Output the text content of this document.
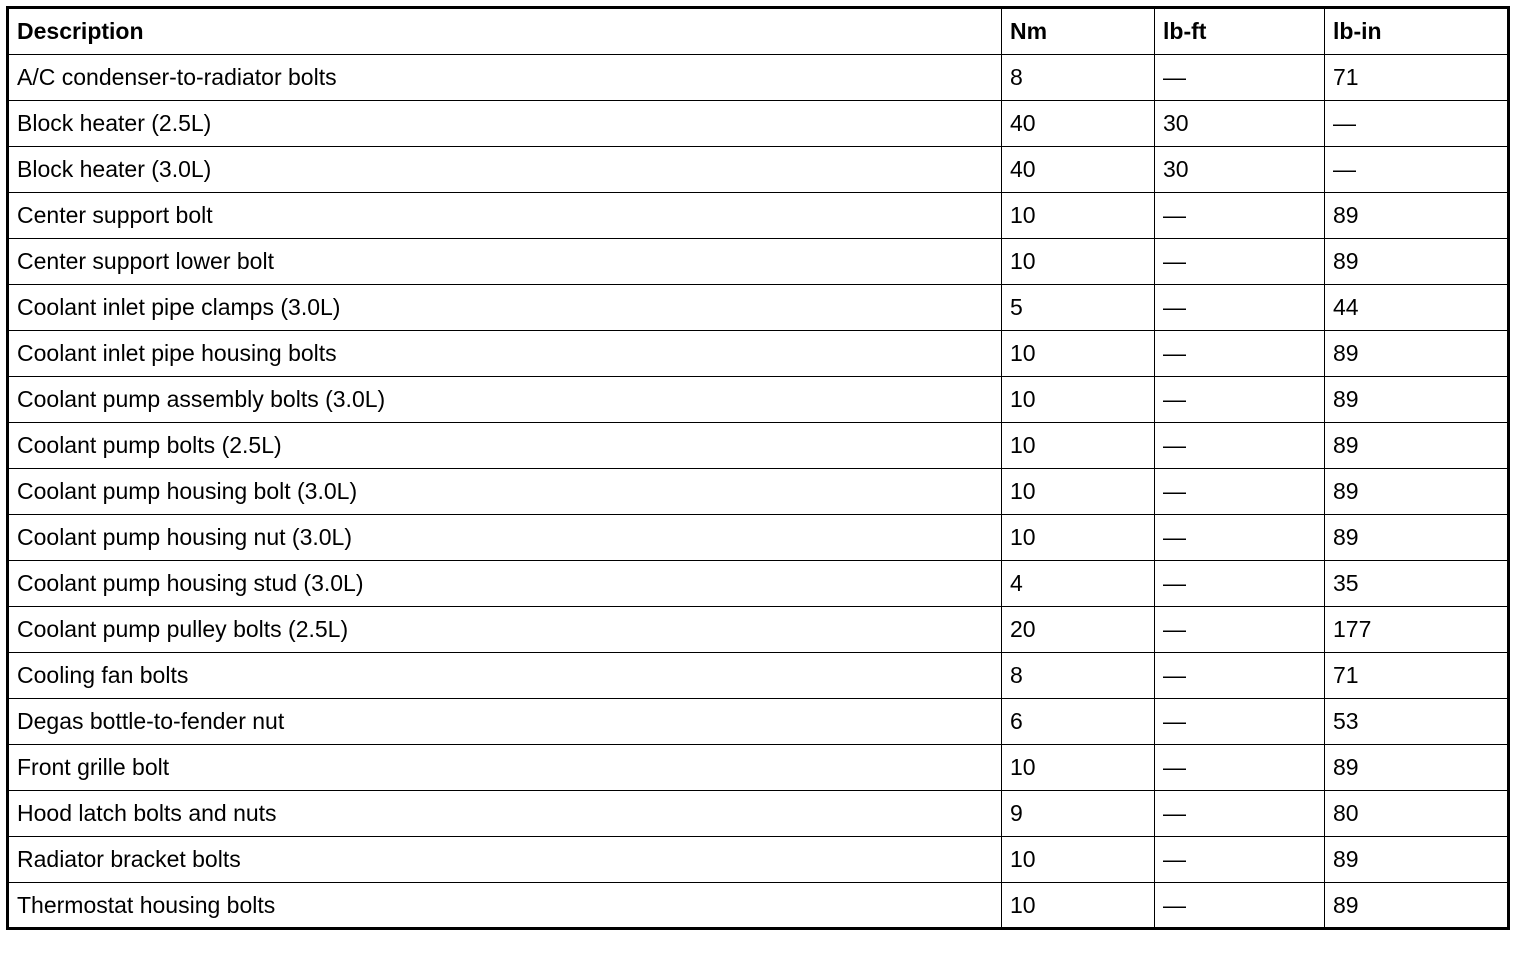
Description	Nm	lb-ft	lb-in
A/C condenser-to-radiator bolts	8	—	71
Block heater (2.5L)	40	30	—
Block heater (3.0L)	40	30	—
Center support bolt	10	—	89
Center support lower bolt	10	—	89
Coolant inlet pipe clamps (3.0L)	5	—	44
Coolant inlet pipe housing bolts	10	—	89
Coolant pump assembly bolts (3.0L)	10	—	89
Coolant pump bolts (2.5L)	10	—	89
Coolant pump housing bolt (3.0L)	10	—	89
Coolant pump housing nut (3.0L)	10	—	89
Coolant pump housing stud (3.0L)	4	—	35
Coolant pump pulley bolts (2.5L)	20	—	177
Cooling fan bolts	8	—	71
Degas bottle-to-fender nut	6	—	53
Front grille bolt	10	—	89
Hood latch bolts and nuts	9	—	80
Radiator bracket bolts	10	—	89
Thermostat housing bolts	10	—	89
